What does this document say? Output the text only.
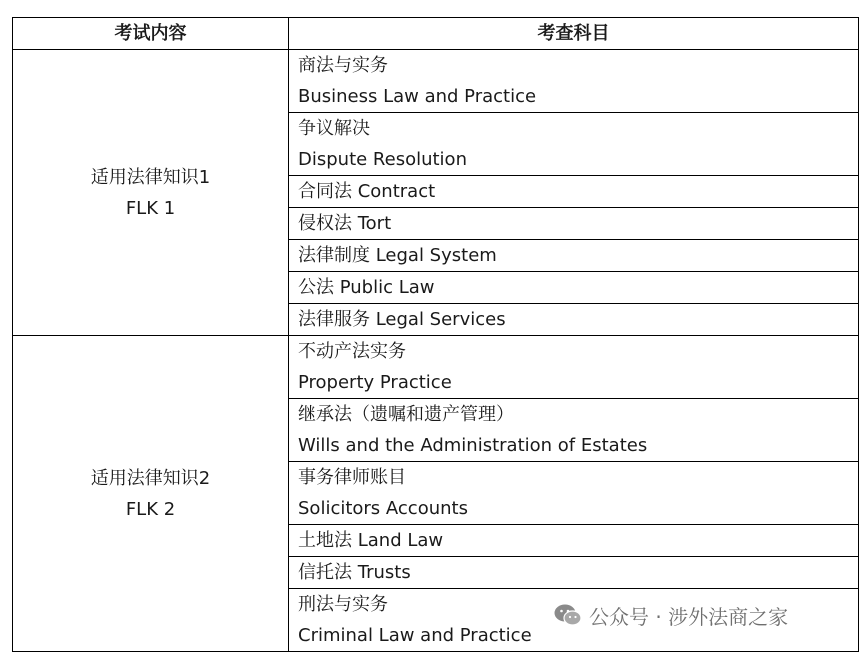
考试内容	考查科目

适用法律知识1
FLK 1	商法与实务
Business Law and Practice

	争议解决
Dispute Resolution

	合同法 Contract

	侵权法 Tort

	法律制度 Legal System

	公法 Public Law

	法律服务 Legal Services

适用法律知识2
FLK 2	不动产法实务
Property Practice

	继承法（遗嘱和遗产管理）
Wills and the Administration of Estates

	事务律师账目
Solicitors Accounts

	土地法 Land Law

	信托法 Trusts

	刑法与实务
Criminal Law and Practice
公众号 · 涉外法商之家
